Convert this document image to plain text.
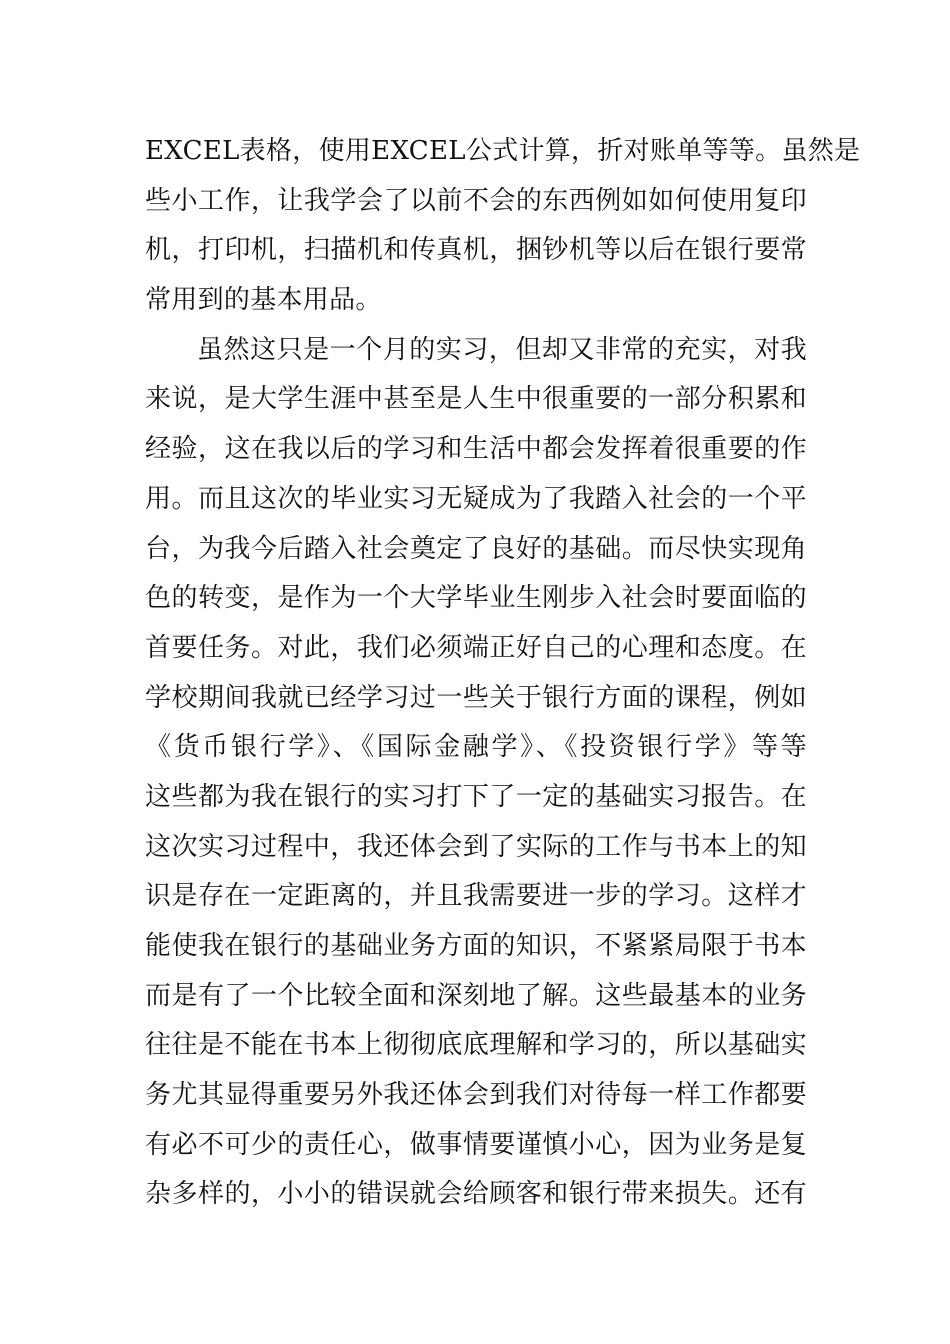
EXCEL表格，使用EXCEL公式计算，折对账单等等。虽然是
些小工作，让我学会了以前不会的东西例如如何使用复印
机，打印机，扫描机和传真机，捆钞机等以后在银行要常
常用到的基本用品。
虽然这只是一个月的实习，但却又非常的充实，对我
来说，是大学生涯中甚至是人生中很重要的一部分积累和
经验，这在我以后的学习和生活中都会发挥着很重要的作
用。而且这次的毕业实习无疑成为了我踏入社会的一个平
台，为我今后踏入社会奠定了良好的基础。而尽快实现角
色的转变，是作为一个大学毕业生刚步入社会时要面临的
首要任务。对此，我们必须端正好自己的心理和态度。在
学校期间我就已经学习过一些关于银行方面的课程，例如
《货币银行学》、《国际金融学》、《投资银行学》等等
这些都为我在银行的实习打下了一定的基础实习报告。在
这次实习过程中，我还体会到了实际的工作与书本上的知
识是存在一定距离的，并且我需要进一步的学习。这样才
能使我在银行的基础业务方面的知识，不紧紧局限于书本
而是有了一个比较全面和深刻地了解。这些最基本的业务
往往是不能在书本上彻彻底底理解和学习的，所以基础实
务尤其显得重要另外我还体会到我们对待每一样工作都要
有必不可少的责任心，做事情要谨慎小心，因为业务是复
杂多样的，小小的错误就会给顾客和银行带来损失。还有
